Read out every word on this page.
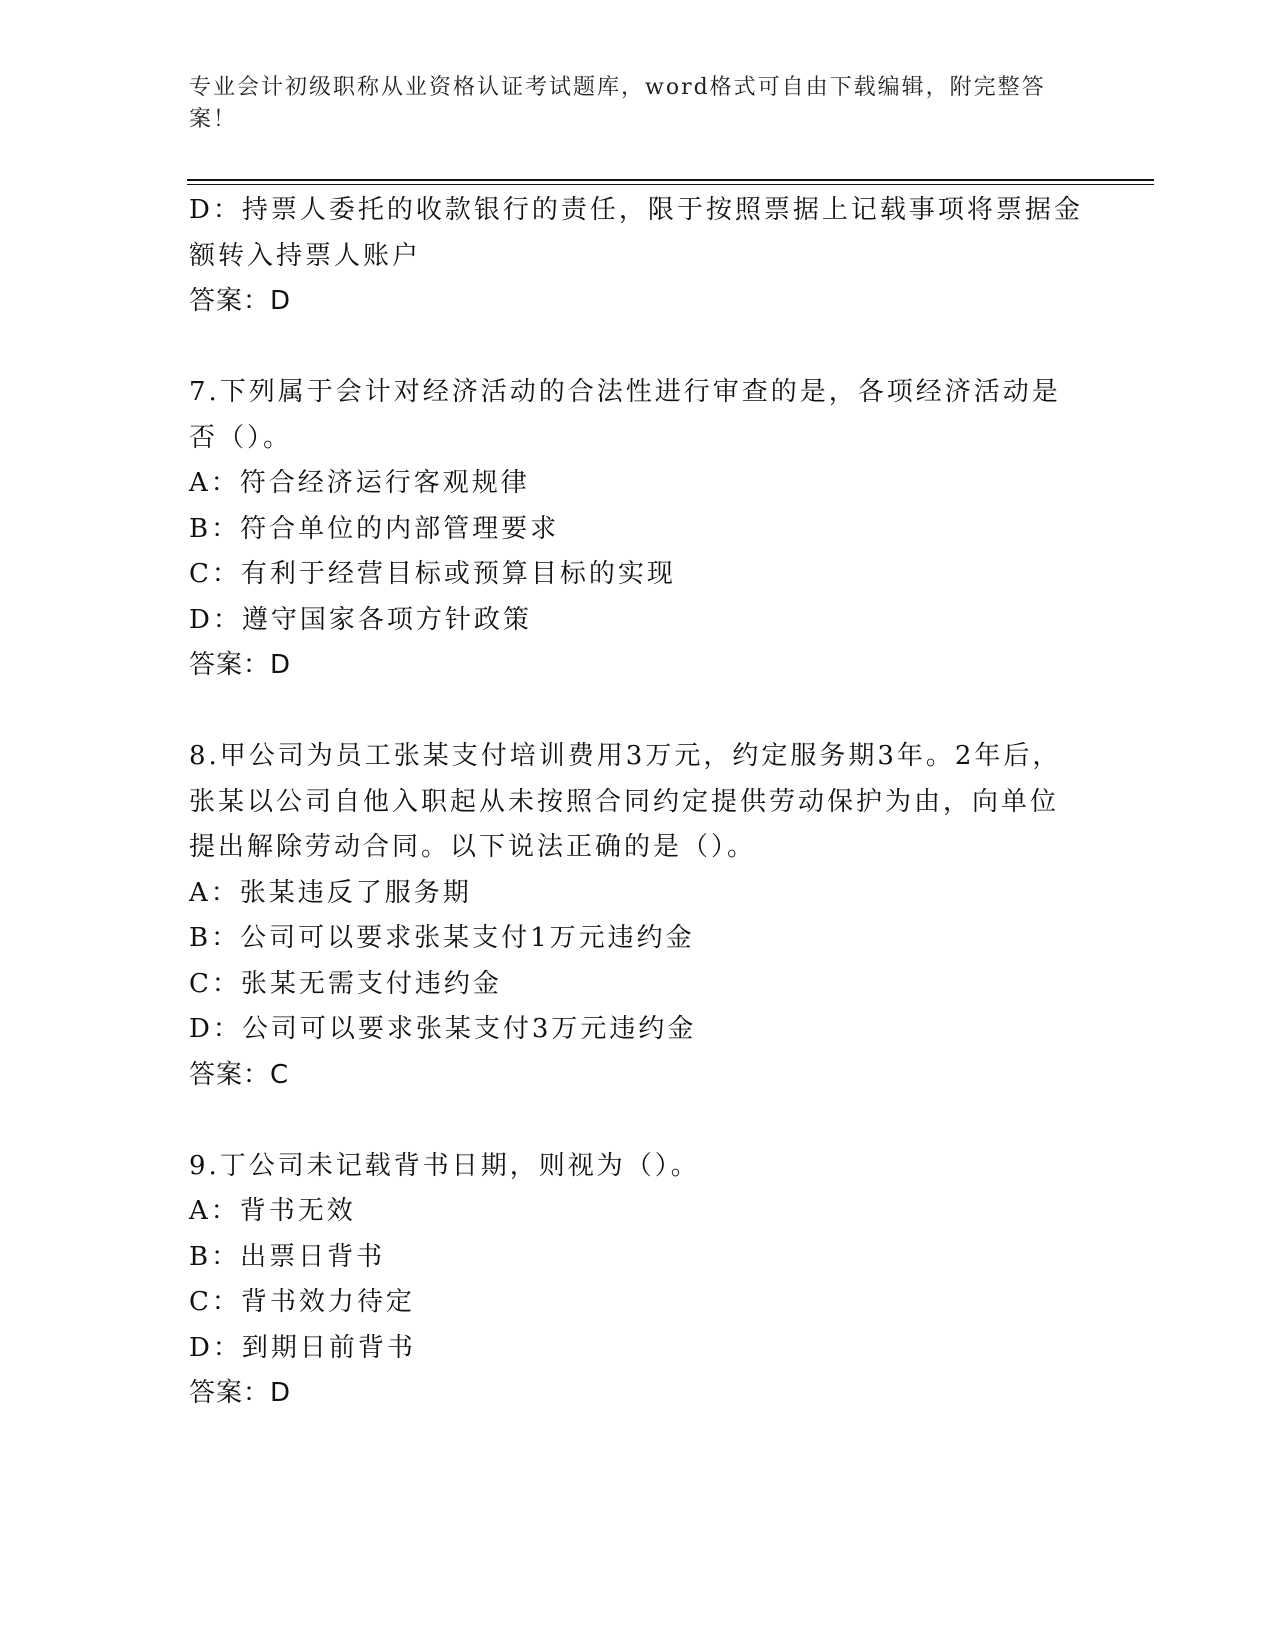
专业会计初级职称从业资格认证考试题库，word格式可自由下载编辑，附完整答案！
D：持票人委托的收款银行的责任，限于按照票据上记载事项将票据金
额转入持票人账户
答案：D
7.下列属于会计对经济活动的合法性进行审查的是，各项经济活动是
否（）。
A：符合经济运行客观规律
B：符合单位的内部管理要求
C：有利于经营目标或预算目标的实现
D：遵守国家各项方针政策
答案：D
8.甲公司为员工张某支付培训费用3万元，约定服务期3年。2年后，
张某以公司自他入职起从未按照合同约定提供劳动保护为由，向单位
提出解除劳动合同。以下说法正确的是（）。
A：张某违反了服务期
B：公司可以要求张某支付1万元违约金
C：张某无需支付违约金
D：公司可以要求张某支付3万元违约金
答案：C
9.丁公司未记载背书日期，则视为（）。
A：背书无效
B：出票日背书
C：背书效力待定
D：到期日前背书
答案：D
